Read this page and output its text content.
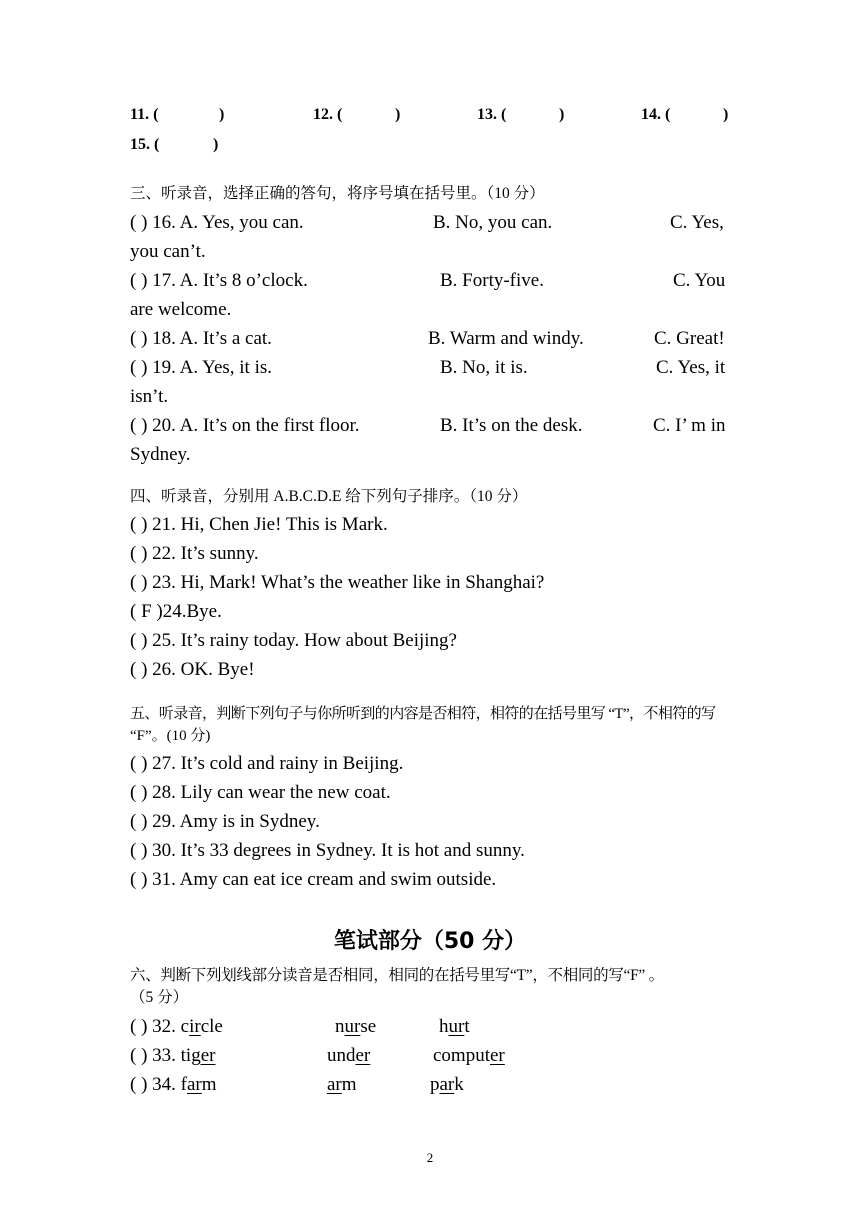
11. (	)	12. (	)	13. (	)	14. (	)
15. (	)
三、听录音，选择正确的答句，将序号填在括号里。（10 分）
( ) 16. A. Yes, you can.	B. No, you can.	C. Yes,
you can’t.
( ) 17. A. It’s 8 o’clock.	B. Forty-five.	C. You
are welcome.
( ) 18. A. It’s a cat.	B. Warm and windy.	C. Great!
( ) 19. A. Yes, it is.	B. No, it is.	C. Yes, it
isn’t.
( ) 20. A. It’s on the first floor.	B. It’s on the desk.	C. I’ m in
Sydney.
四、听录音，分别用 A.B.C.D.E 给下列句子排序。（10 分）
( ) 21. Hi, Chen Jie! This is Mark.
( ) 22. It’s sunny.
( ) 23. Hi, Mark! What’s the weather like in Shanghai?
( F )24.Bye.
( ) 25. It’s rainy today. How about Beijing?
( ) 26. OK. Bye!
五、听录音，判断下列句子与你所听到的内容是否相符，相符的在括号里写 “T”，不相符的写
“F”。(10 分)
( ) 27. It’s cold and rainy in Beijing.
( ) 28. Lily can wear the new coat.
( ) 29. Amy is in Sydney.
( ) 30. It’s 33 degrees in Sydney. It is hot and sunny.
( ) 31. Amy can eat ice cream and swim outside.
笔试部分（50 分）
六、判断下列划线部分读音是否相同，相同的在括号里写“T”，不相同的写“F” 。
（5 分）
( ) 32. circle	nurse	hurt
( ) 33. tiger	under	computer
( ) 34. farm	arm	park
2
